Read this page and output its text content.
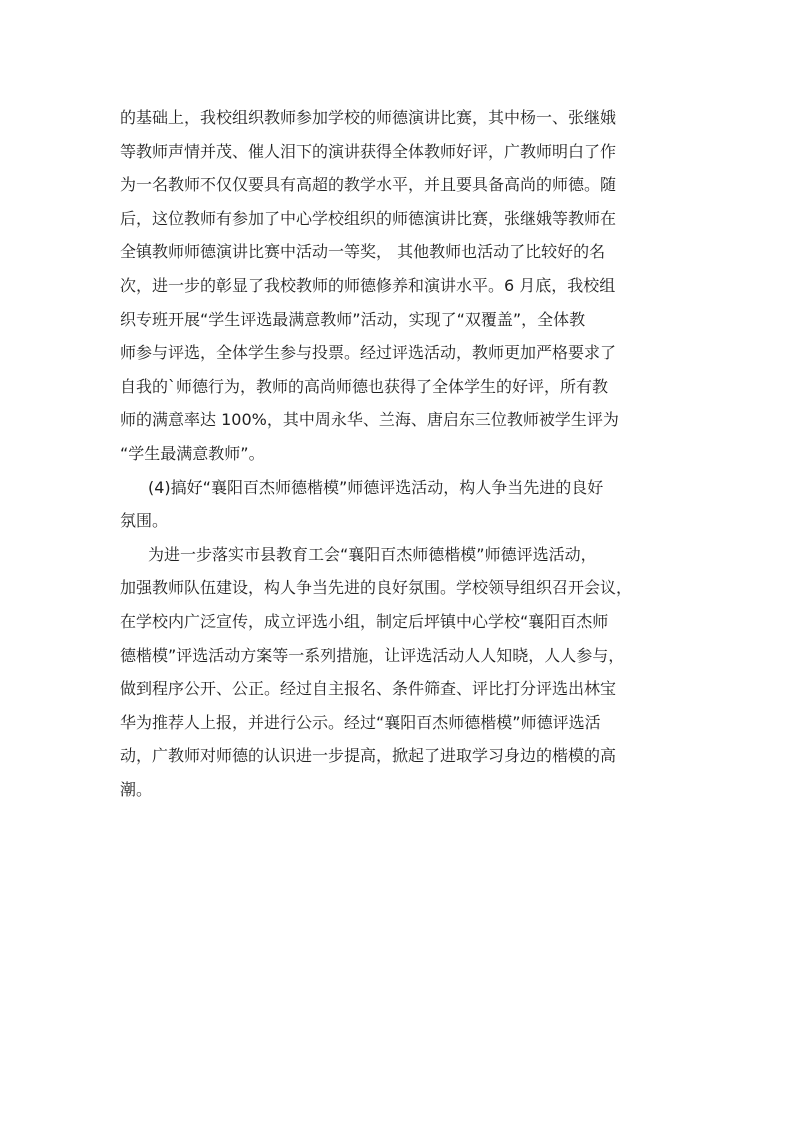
的基础上，我校组织教师参加学校的师德演讲比赛，其中杨一、张继娥
等教师声情并茂、催人泪下的演讲获得全体教师好评，广教师明白了作
为一名教师不仅仅要具有高超的教学水平，并且要具备高尚的师德。随
后，这位教师有参加了中心学校组织的师德演讲比赛，张继娥等教师在
全镇教师师德演讲比赛中活动一等奖， 其他教师也活动了比较好的名
次，进一步的彰显了我校教师的师德修养和演讲水平。6 月底，我校组
织专班开展“学生评选最满意教师”活动，实现了“双覆盖”，全体教
师参与评选，全体学生参与投票。经过评选活动，教师更加严格要求了
自我的`师德行为，教师的高尚师德也获得了全体学生的好评，所有教
师的满意率达 100%，其中周永华、兰海、唐启东三位教师被学生评为
“学生最满意教师”。
(4)搞好“襄阳百杰师德楷模”师德评选活动，构人争当先进的良好
氛围。
为进一步落实市县教育工会“襄阳百杰师德楷模”师德评选活动，
加强教师队伍建设，构人争当先进的良好氛围。学校领导组织召开会议，
在学校内广泛宣传，成立评选小组，制定后坪镇中心学校“襄阳百杰师
德楷模”评选活动方案等一系列措施，让评选活动人人知晓，人人参与，
做到程序公开、公正。经过自主报名、条件筛查、评比打分评选出林宝
华为推荐人上报，并进行公示。经过“襄阳百杰师德楷模”师德评选活
动，广教师对师德的认识进一步提高，掀起了进取学习身边的楷模的高
潮。
